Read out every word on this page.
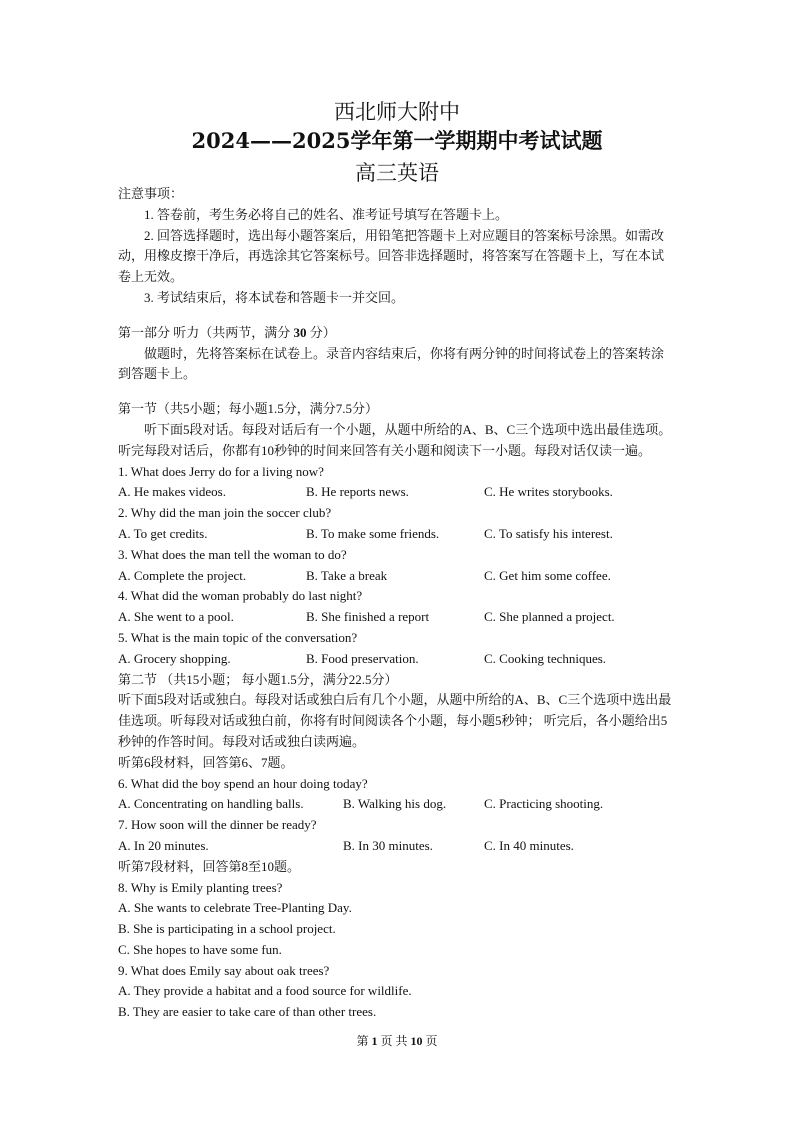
西北师大附中
2024——2025学年第一学期期中考试试题
高三英语

注意事项：

1. 答卷前，考生务必将自己的姓名、准考证号填写在答题卡上。

2. 回答选择题时，选出每小题答案后，用铅笔把答题卡上对应题目的答案标号涂黑。如需改动，用橡皮擦干净后，再选涂其它答案标号。回答非选择题时，将答案写在答题卡上，写在本试卷上无效。

3. 考试结束后，将本试卷和答题卡一并交回。

第一部分 听力（共两节，满分 30 分）

做题时，先将答案标在试卷上。录音内容结束后，你将有两分钟的时间将试卷上的答案转涂到答题卡上。

第一节（共5小题；每小题1.5分，满分7.5分）

听下面5段对话。每段对话后有一个小题，从题中所给的A、B、C三个选项中选出最佳选项。听完每段对话后，你都有10秒钟的时间来回答有关小题和阅读下一小题。每段对话仅读一遍。

1. What does Jerry do for a living now?

A. He makes videos.	B. He reports news.	C. He writes storybooks.

2. Why did the man join the soccer club?

A. To get credits.	B. To make some friends.	C. To satisfy his interest.

3. What does the man tell the woman to do?

A. Complete the project.	B. Take a break	C. Get him some coffee.

4. What did the woman probably do last night?

A. She went to a pool.	B. She finished a report	C. She planned a project.

5. What is the main topic of the conversation?

A. Grocery shopping.	B. Food preservation.	C. Cooking techniques.

第二节 （共15小题； 每小题1.5分，满分22.5分）

听下面5段对话或独白。每段对话或独白后有几个小题，从题中所给的A、B、C三个选项中选出最佳选项。听每段对话或独白前，你将有时间阅读各个小题，每小题5秒钟； 听完后，各小题给出5秒钟的作答时间。每段对话或独白读两遍。

听第6段材料，回答第6、7题。

6. What did the boy spend an hour doing today?

A. Concentrating on handling balls.	B. Walking his dog.	C. Practicing shooting.

7. How soon will the dinner be ready?

A. In 20 minutes.	B. In 30 minutes.	C. In 40 minutes.

听第7段材料，回答第8至10题。

8. Why is Emily planting trees?

A. She wants to celebrate Tree-Planting Day.

B. She is participating in a school project.

C. She hopes to have some fun.

9. What does Emily say about oak trees?

A. They provide a habitat and a food source for wildlife.

B. They are easier to take care of than other trees.

第 1 页 共 10 页
